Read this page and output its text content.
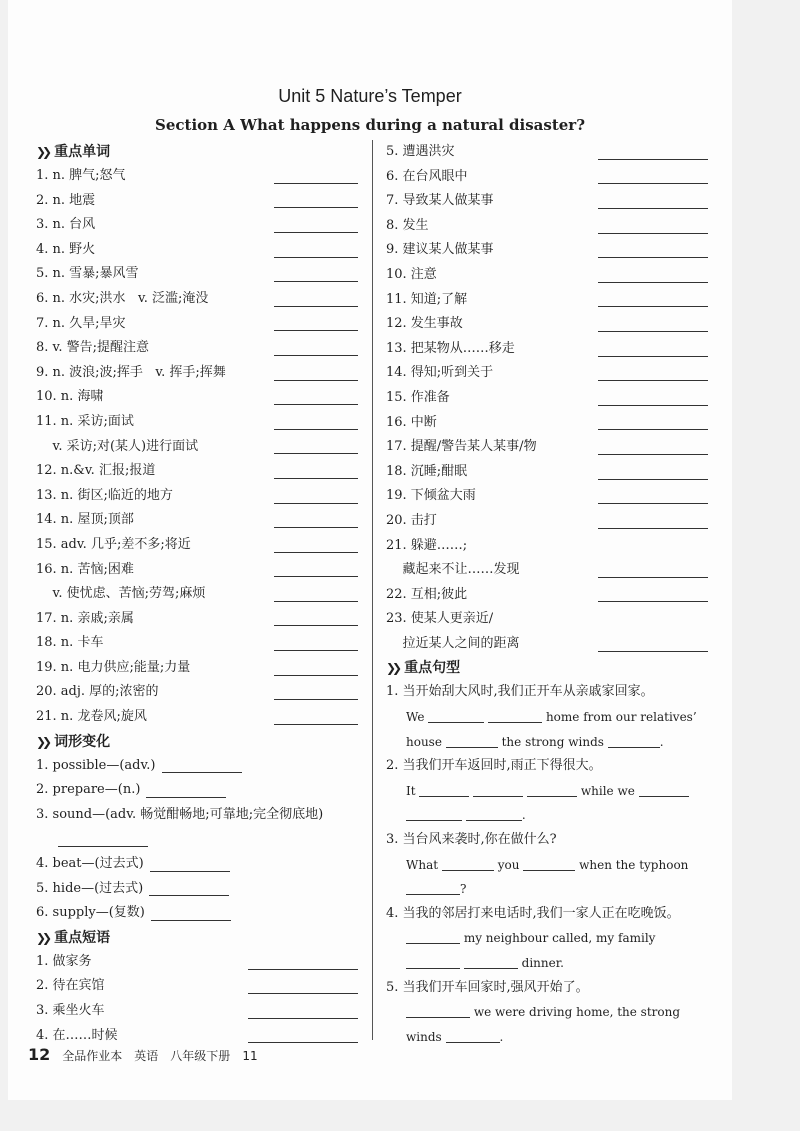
Unit 5 Nature’s Temper
Section A What happens during a natural disaster?
❯❯ 重点单词
1. n. 脾气;怒气
2. n. 地震
3. n. 台风
4. n. 野火
5. n. 雪暴;暴风雪
6. n. 水灾;洪水   v. 泛滥;淹没
7. n. 久旱;旱灾
8. v. 警告;提醒注意
9. n. 波浪;波;挥手   v. 挥手;挥舞
10. n. 海啸
11. n. 采访;面试
v. 采访;对(某人)进行面试
12. n.&v. 汇报;报道
13. n. 街区;临近的地方
14. n. 屋顶;顶部
15. adv. 几乎;差不多;将近
16. n. 苦恼;困难
v. 使忧虑、苦恼;劳驾;麻烦
17. n. 亲戚;亲属
18. n. 卡车
19. n. 电力供应;能量;力量
20. adj. 厚的;浓密的
21. n. 龙卷风;旋风
❯❯ 词形变化
1. possible—(adv.)
2. prepare—(n.)
3. sound—(adv. 畅觉酣畅地;可靠地;完全彻底地)
4. beat—(过去式)
5. hide—(过去式)
6. supply—(复数)
❯❯ 重点短语
1. 做家务
2. 待在宾馆
3. 乘坐火车
4. 在……时候
5. 遭遇洪灾
6. 在台风眼中
7. 导致某人做某事
8. 发生
9. 建议某人做某事
10. 注意
11. 知道;了解
12. 发生事故
13. 把某物从……移走
14. 得知;听到关于
15. 作准备
16. 中断
17. 提醒/警告某人某事/物
18. 沉睡;酣眠
19. 下倾盆大雨
20. 击打
21. 躲避……;
藏起来不让……发现
22. 互相;彼此
23. 使某人更亲近/
拉近某人之间的距离
❯❯ 重点句型
1. 当开始刮大风时,我们正开车从亲戚家回家。
We	home from our relatives’
house	the strong winds	.
2. 当我们开车返回时,雨正下得很大。
It	while we
.
3. 当台风来袭时,你在做什么?
What	you	when the typhoon
?
4. 当我的邻居打来电话时,我们一家人正在吃晚饭。
my neighbour called, my family
dinner.
5. 当我们开车回家时,强风开始了。
we were driving home, the strong
winds	.
12 全品作业本 英语 八年级下册 11
